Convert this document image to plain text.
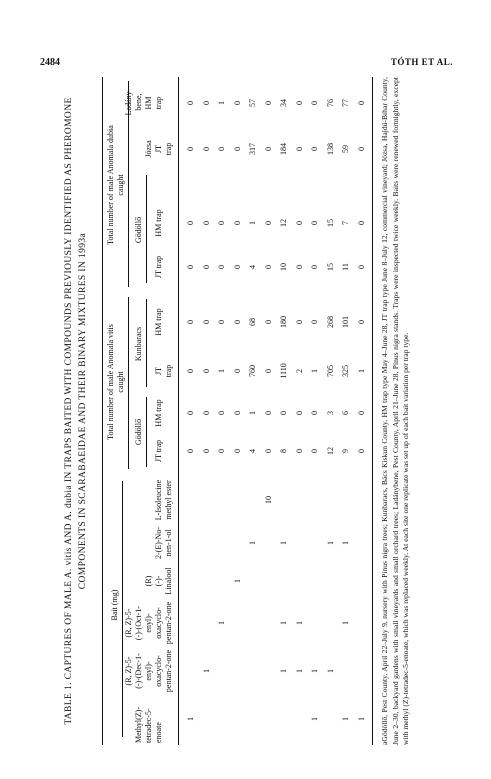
2484	TÓTH ET AL.
TABLE 1. CAPTURES OF MALE A. vitis AND A. dubia IN TRAPS BAITED WITH COMPOUNDS PREVIOUSLY IDENTIFIED AS PHEROMONE COMPONENTS IN SCARABAEIDAE AND THEIR BINARY MIXTURES IN 1993a
Bait (mg)
Total number of male Anomala vitis
caught
Total number of male Anomala dubia
caught
Methyl(Z)-
tetradec-5-
enoate
(R, Z)-5-
(-)-(Dec-1-
enyl)-
oxacyclo-
pentan-2-one
(R, Z)-5-
(-)-(Oct-1-
enyl)-
oxacyclo-
pentan-2-one
(R)
(-)-
Linalool
2-(E)-No-
nen-1-ol
L-Isoleucine
methyl ester
Gödöllő
Kunbaracs
Gödöllő
Józsa
Ladány-
bene,
JT trap
HM trap
JT
trap
HM trap
JT trap
HM trap
JT
trap
HM
trap
1
0
0
0
0
0
0
0
0
1
0
0
0
0
0
0
0
0
1
0
0
1
0
0
0
0
1
1
0
0
0
0
0
0
0
0
1
4
1
760
68
4
1
317
57
10
0
0
0
0
0
0
0
0
1
1
1
8
0
1110
180
10
12
184
34
1
1
0
0
2
0
0
0
0
0
1
1
0
0
1
0
0
0
0
0
1
1
12
3
705
268
15
15
138
76
1
1
1
9
6
325
101
11
7
59
77
1
0
0
1
0
0
0
0
0 aGödöllő, Pest County, April 22–July 9, nursery with Pinus nigra trees; Kunbaracs, Bács Kiskun County, HM trap type May 4–June 28, JT trap type June 8–July 12, commercial vineyard; Józsa, Hajdú-Bihar County, June 2–30, backyard gardens with small vineyards and small orchard trees; Ladánybene, Pest County, April 21–June 28, Pinus nigra stands. Traps were inspected twice weekly. Baits were renewed fortnightly, except with methyl (Z)-tetradec-5-enoate, which was replaced weekly. At each site one replicate was set up of each bait variation per trap type.
